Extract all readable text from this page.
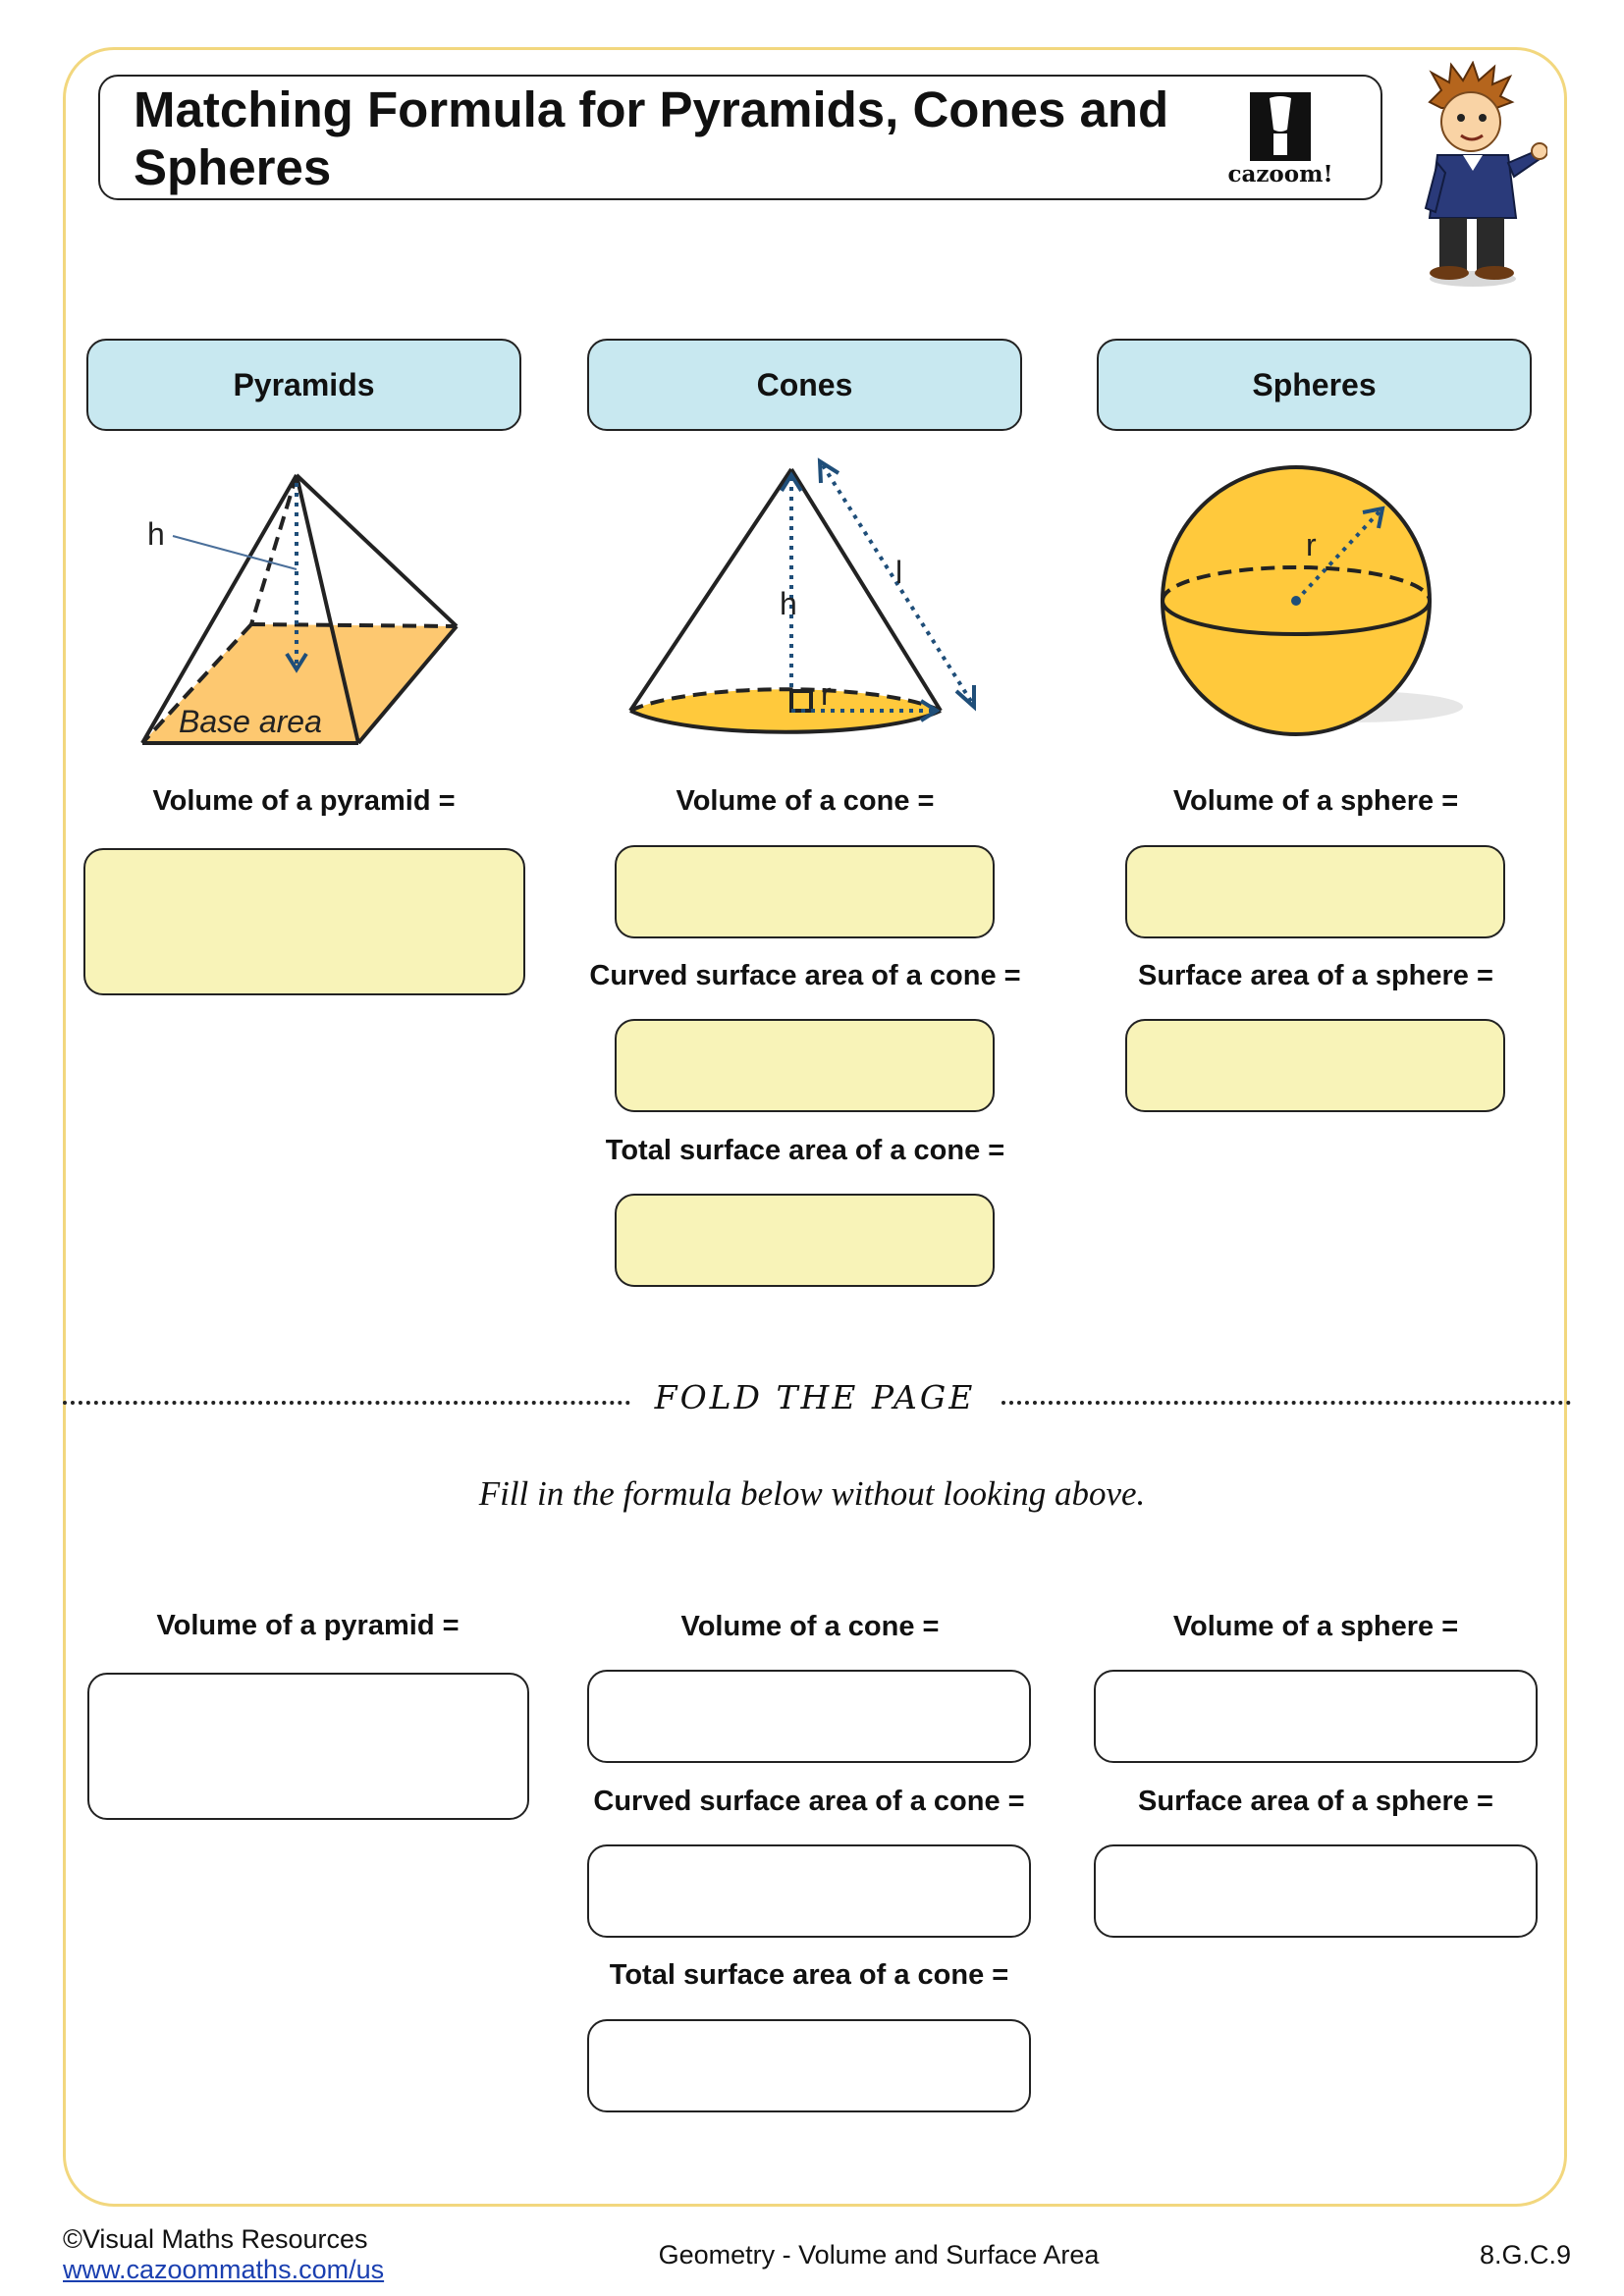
Matching Formula for Pyramids, Cones and Spheres	cazoom!
Pyramids	Cones	Spheres
h
Base area
h
l
r
r
Volume of a pyramid =	Volume of a cone =
Curved surface area of a cone =
Total surface area of a cone =
Volume of a sphere =
Surface area of a sphere =
FOLD THE PAGE
Fill in the formula below without looking above.
Volume of a pyramid =	Volume of a cone =
Curved surface area of a cone =
Total surface area of a cone =
Volume of a sphere =
Surface area of a sphere =
©Visual Maths Resources
www.cazoommaths.com/us	Geometry - Volume and Surface Area	8.G.C.9
